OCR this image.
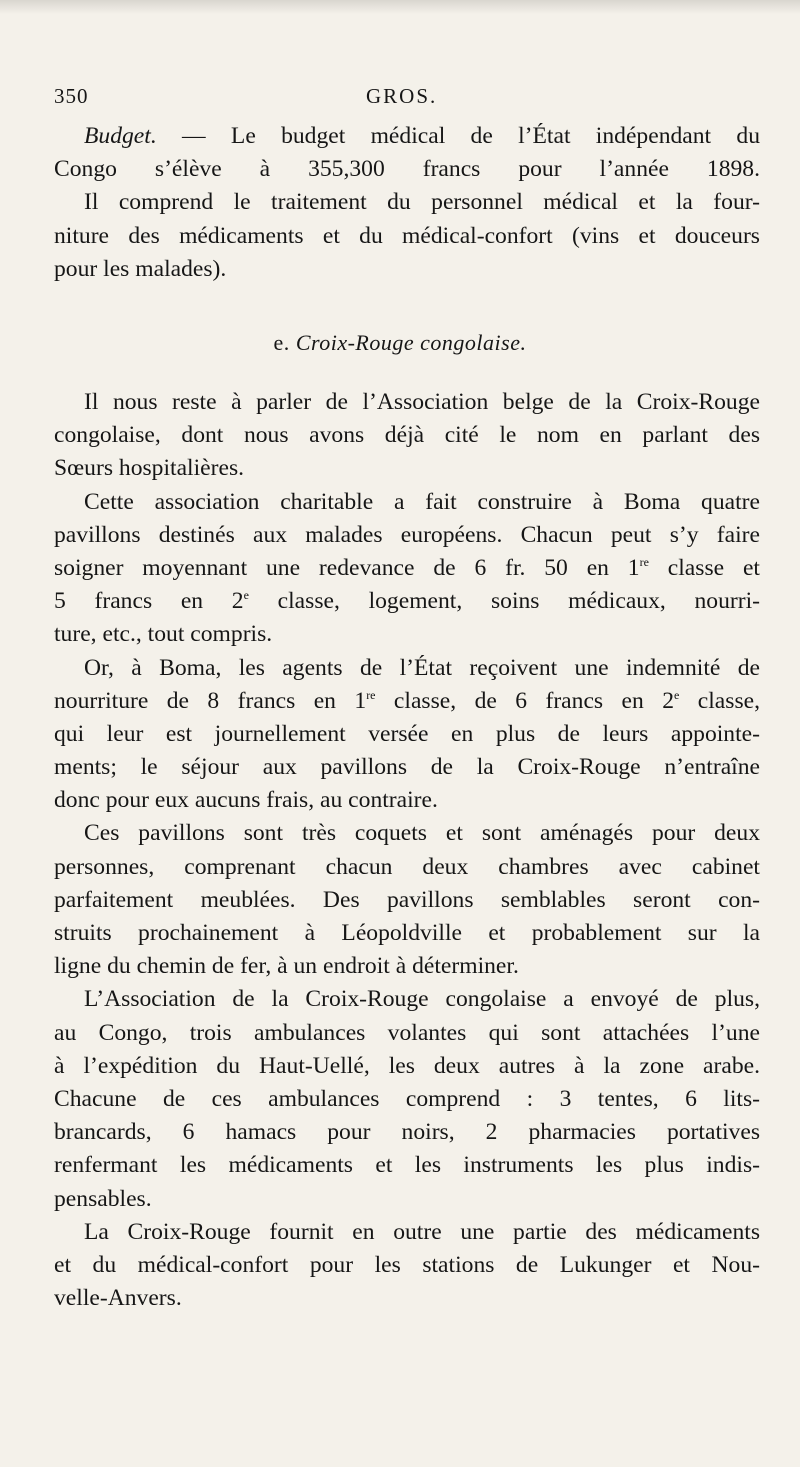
350	GROS.
Budget. — Le budget médical de l’État indépendant du
Congo s’élève à 355,300 francs pour l’année 1898.
Il comprend le traitement du personnel médical et la four-
niture des médicaments et du médical-confort (vins et douceurs
pour les malades).
e. Croix-Rouge congolaise.
Il nous reste à parler de l’Association belge de la Croix-Rouge
congolaise, dont nous avons déjà cité le nom en parlant des
Sœurs hospitalières.
Cette association charitable a fait construire à Boma quatre
pavillons destinés aux malades européens. Chacun peut s’y faire
soigner moyennant une redevance de 6 fr. 50 en 1re classe et
5 francs en 2e classe, logement, soins médicaux, nourri-
ture, etc., tout compris.
Or, à Boma, les agents de l’État reçoivent une indemnité de
nourriture de 8 francs en 1re classe, de 6 francs en 2e classe,
qui leur est journellement versée en plus de leurs appointe-
ments; le séjour aux pavillons de la Croix-Rouge n’entraîne
donc pour eux aucuns frais, au contraire.
Ces pavillons sont très coquets et sont aménagés pour deux
personnes, comprenant chacun deux chambres avec cabinet
parfaitement meublées. Des pavillons semblables seront con-
struits prochainement à Léopoldville et probablement sur la
ligne du chemin de fer, à un endroit à déterminer.
L’Association de la Croix-Rouge congolaise a envoyé de plus,
au Congo, trois ambulances volantes qui sont attachées l’une
à l’expédition du Haut-Uellé, les deux autres à la zone arabe.
Chacune de ces ambulances comprend : 3 tentes, 6 lits-
brancards, 6 hamacs pour noirs, 2 pharmacies portatives
renfermant les médicaments et les instruments les plus indis-
pensables.
La Croix-Rouge fournit en outre une partie des médicaments
et du médical-confort pour les stations de Lukunger et Nou-
velle-Anvers.
